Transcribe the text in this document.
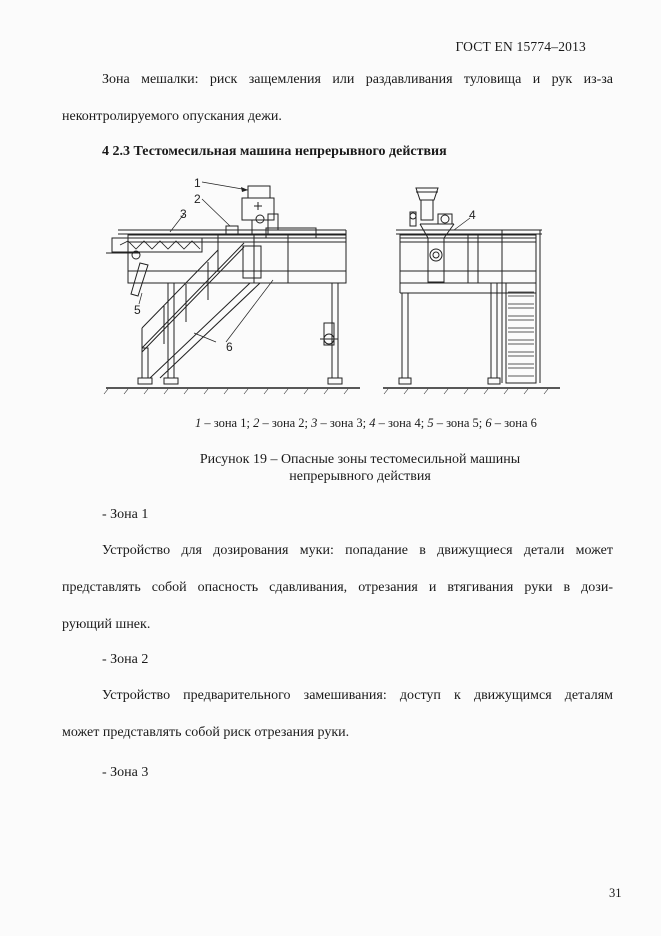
ГОСТ EN 15774–2013
Зона мешалки: риск защемления или раздавливания туловища и рук из-за
неконтролируемого опускания дежи.
4 2.3 Тестомесильная машина непрерывного действия
1
2
3	4
5
6
1 – зона 1; 2 – зона 2; 3 – зона 3; 4 – зона 4; 5 – зона 5; 6 – зона 6
Рисунок 19 – Опасные зоны тестомесильной машины
непрерывного действия
- Зона 1
Устройство для дозирования муки: попадание в движущиеся детали может
представлять собой опасность сдавливания, отрезания и втягивания руки в дози-
рующий шнек.
- Зона 2
Устройство предварительного замешивания: доступ к движущимся деталям
может представлять собой риск отрезания руки.
- Зона 3
31
